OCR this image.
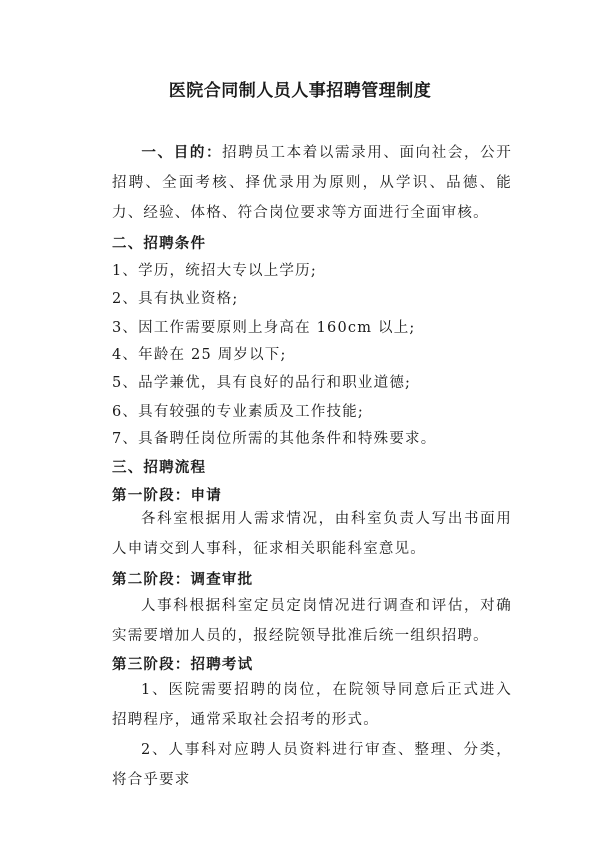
医院合同制人员人事招聘管理制度
一、目的：招聘员工本着以需录用、面向社会，公开招聘、全面考核、择优录用为原则，从学识、品德、能力、经验、体格、符合岗位要求等方面进行全面审核。
二、招聘条件
1、学历，统招大专以上学历;
2、具有执业资格;
3、因工作需要原则上身高在 160cm 以上;
4、年龄在 25 周岁以下;
5、品学兼优，具有良好的品行和职业道德;
6、具有较强的专业素质及工作技能;
7、具备聘任岗位所需的其他条件和特殊要求。
三、招聘流程
第一阶段：申请
各科室根据用人需求情况，由科室负责人写出书面用人申请交到人事科，征求相关职能科室意见。
第二阶段：调查审批
人事科根据科室定员定岗情况进行调查和评估，对确实需要增加人员的，报经院领导批准后统一组织招聘。
第三阶段：招聘考试
1、医院需要招聘的岗位，在院领导同意后正式进入招聘程序，通常采取社会招考的形式。
2、人事科对应聘人员资料进行审查、整理、分类，将合乎要求
